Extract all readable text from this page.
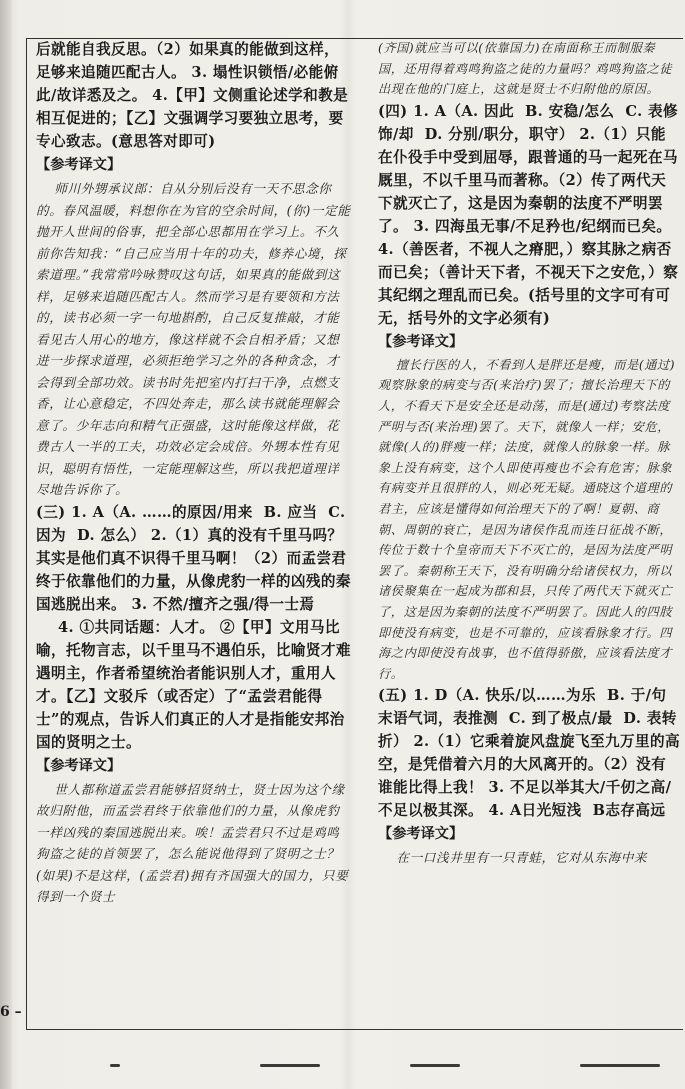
后就能自我反思。（2）如果真的能做到这样，足够来追随匹配古人。 3. 塌性识锁悟/必能俯此/故详悉及之。 4.【甲】文侧重论述学和教是相互促进的；【乙】文强调学习要独立思考，要专心致志。(意思答对即可)

【参考译文】

师川外甥承议郎：自从分别后没有一天不思念你的。春风温暖，料想你在为官的空余时间，(你)一定能抛开人世间的俗事，把全部心思都用在学习上。不久前你告知我：“自己应当用十年的功夫，修养心境，探索道理。”我常常吟咏赞叹这句话，如果真的能做到这样，足够来追随匹配古人。然而学习是有要领和方法的，读书必须一字一句地斟酌，自己反复推敲，才能看见古人用心的地方，像这样就不会自相矛盾；又想进一步探求道理，必须拒绝学习之外的各种贪念，才会得到全部功效。读书时先把室内打扫干净，点燃支香，让心意稳定，不四处奔走，那么读书就能理解会意了。少年志向和精气正强盛，这时能像这样做，花费古人一半的工夫，功效必定会成倍。外甥本性有见识，聪明有悟性，一定能理解这些，所以我把道理详尽地告诉你了。

(三) 1. A（A. ……的原因/用来  B. 应当  C. 因为  D. 怎么） 2.（1）真的没有千里马吗？其实是他们真不识得千里马啊！（2）而孟尝君终于依靠他们的力量，从像虎豹一样的凶残的秦国逃脱出来。 3. 不然/擅齐之强/得一士焉

4. ①共同话题：人才。 ②【甲】文用马比喻，托物言志，以千里马不遇伯乐，比喻贤才难遇明主，作者希望统治者能识别人才，重用人才。【乙】文驳斥（或否定）了“孟尝君能得士”的观点，告诉人们真正的人才是指能安邦治国的贤明之士。

【参考译文】

世人都称道孟尝君能够招贤纳士，贤士因为这个缘故归附他，而孟尝君终于依靠他们的力量，从像虎豹一样凶残的秦国逃脱出来。唉！孟尝君只不过是鸡鸣狗盗之徒的首领罢了，怎么能说他得到了贤明之士？(如果)不是这样，(孟尝君)拥有齐国强大的国力，只要得到一个贤士

(齐国)就应当可以(依靠国力)在南面称王而制服秦国，还用得着鸡鸣狗盗之徒的力量吗？鸡鸣狗盗之徒出现在他的门庭上，这就是贤士不归附他的原因。

(四) 1. A（A. 因此  B. 安稳/怎么  C. 表修饰/却  D. 分别/职分，职守） 2.（1）只能在仆役手中受到屈辱，跟普通的马一起死在马厩里，不以千里马而著称。（2）传了两代天下就灭亡了，这是因为秦朝的法度不严明罢了。 3. 四海虽无事/不足矜也/纪纲而已矣。 4.（善医者，不视人之瘠肥，）察其脉之病否而已矣；（善计天下者，不视天下之安危，）察其纪纲之理乱而已矣。(括号里的文字可有可无，括号外的文字必须有)

【参考译文】

擅长行医的人，不看到人是胖还是瘦，而是(通过)观察脉象的病变与否(来治疗)罢了；擅长治理天下的人，不看天下是安全还是动荡，而是(通过)考察法度严明与否(来治理)罢了。天下，就像人一样；安危，就像(人的)胖瘦一样；法度，就像人的脉象一样。脉象上没有病变，这个人即使再瘦也不会有危害；脉象有病变并且很胖的人，则必死无疑。通晓这个道理的君主，应该是懂得如何治理天下的了啊！夏朝、商朝、周朝的衰亡，是因为诸侯作乱而连日征战不断，传位于数十个皇帝而天下不灭亡的，是因为法度严明罢了。秦朝称王天下，没有明确分给诸侯权力，所以诸侯聚集在一起成为郡和县，只传了两代天下就灭亡了，这是因为秦朝的法度不严明罢了。因此人的四肢即使没有病变，也是不可靠的，应该看脉象才行。四海之内即使没有战事，也不值得骄傲，应该看法度才行。

(五) 1. D（A. 快乐/以……为乐  B. 于/句末语气词，表推测  C. 到了极点/最  D. 表转折） 2.（1）它乘着旋风盘旋飞至九万里的高空，是凭借着六月的大风离开的。（2）没有谁能比得上我！ 3. 不足以举其大/千仞之高/不足以极其深。 4. A日光短浅  B志存高远

【参考译文】

在一口浅井里有一只青蛙，它对从东海中来

6 –
